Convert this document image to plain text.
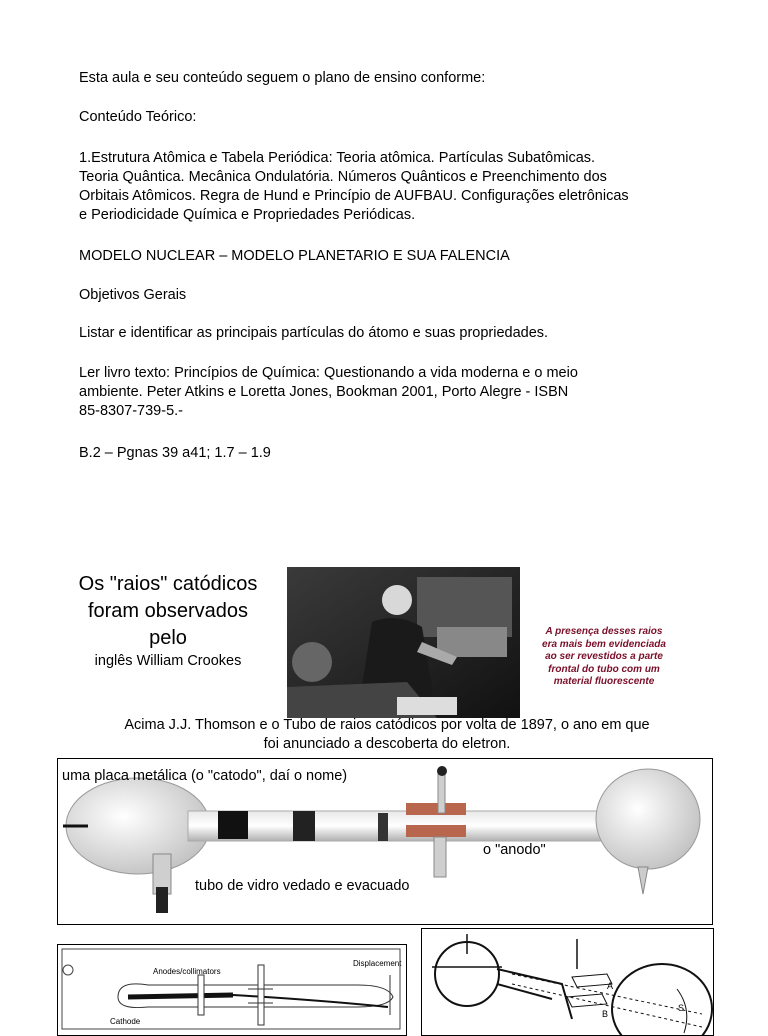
Esta aula e seu conteúdo seguem o plano de ensino conforme:

Conteúdo Teórico:

1.Estrutura Atômica e Tabela Periódica: Teoria atômica. Partículas Subatômicas.
Teoria Quântica. Mecânica Ondulatória. Números Quânticos e Preenchimento dos
Orbitais Atômicos. Regra de Hund e Princípio de AUFBAU. Configurações eletrônicas
e Periodicidade Química e Propriedades Periódicas.

MODELO NUCLEAR – MODELO PLANETARIO E SUA FALENCIA

Objetivos Gerais

Listar e identificar as principais partículas do átomo e suas propriedades.

Ler livro texto: Princípios de Química: Questionando a vida moderna e o meio
ambiente. Peter Atkins e Loretta Jones, Bookman 2001, Porto Alegre - ISBN
85-8307-739-5.-

B.2 – Pgnas 39 a41; 1.7 – 1.9

Os "raios" catódicos
foram observados
pelo
inglês William Crookes
A presença desses raios
era mais bem evidenciada
ao ser revestidos a parte
frontal do tubo com um
material fluorescente
Acima J.J. Thomson e o Tubo de raios catódicos por volta de 1897, o ano em que
foi anunciado a descoberta do eletron.
uma placa metálica (o "catodo", daí o nome)
o "anodo"
tubo de vidro vedado e evacuado
Anodes/collimators
Displacement
Cathode
A
B
S
